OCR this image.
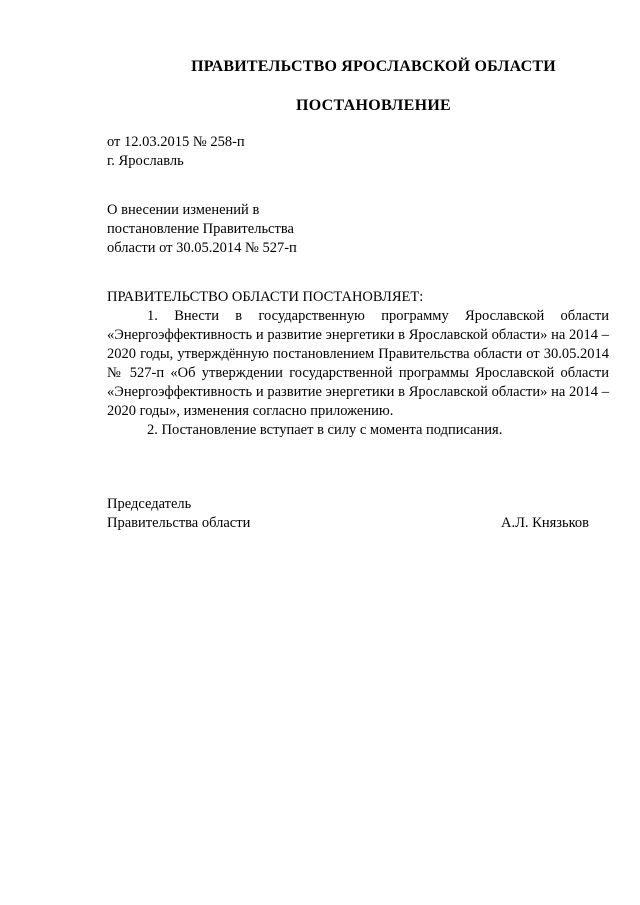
ПРАВИТЕЛЬСТВО ЯРОСЛАВСКОЙ ОБЛАСТИ
ПОСТАНОВЛЕНИЕ
от 12.03.2015 № 258-п
г. Ярославль
О внесении изменений в
постановление Правительства
области от 30.05.2014 № 527-п
ПРАВИТЕЛЬСТВО ОБЛАСТИ ПОСТАНОВЛЯЕТ:

1. Внести в государственную программу Ярославской области «Энергоэффективность и развитие энергетики в Ярославской области» на 2014 – 2020 годы, утверждённую постановлением Правительства области от 30.05.2014 № 527-п «Об утверждении государственной программы Ярославской области «Энергоэффективность и развитие энергетики в Ярославской области» на 2014 – 2020 годы», изменения согласно приложению.

2. Постановление вступает в силу с момента подписания.

Председатель
Правительства области	А.Л. Князьков
